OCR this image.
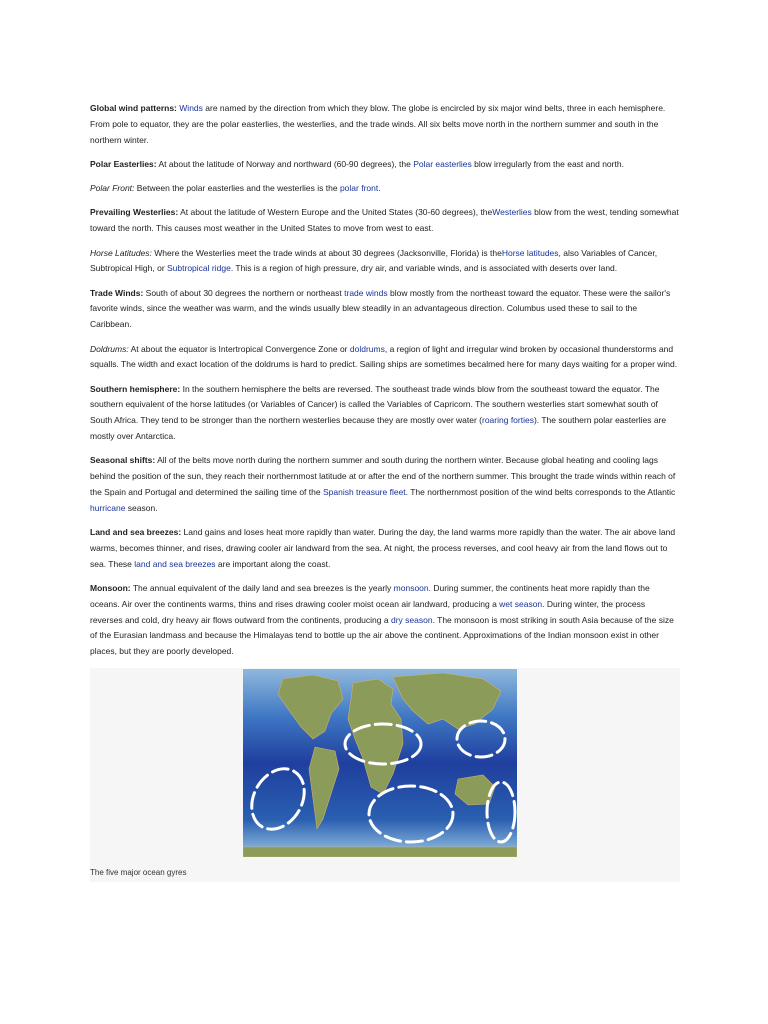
Global wind patterns: Winds are named by the direction from which they blow. The globe is encircled by six major wind belts, three in each hemisphere. From pole to equator, they are the polar easterlies, the westerlies, and the trade winds. All six belts move north in the northern summer and south in the northern winter.

Polar Easterlies: At about the latitude of Norway and northward (60-90 degrees), the Polar easterlies blow irregularly from the east and north.

Polar Front: Between the polar easterlies and the westerlies is the polar front.

Prevailing Westerlies: At about the latitude of Western Europe and the United States (30-60 degrees), theWesterlies blow from the west, tending somewhat toward the north. This causes most weather in the United States to move from west to east.

Horse Latitudes: Where the Westerlies meet the trade winds at about 30 degrees (Jacksonville, Florida) is theHorse latitudes, also Variables of Cancer, Subtropical High, or Subtropical ridge. This is a region of high pressure, dry air, and variable winds, and is associated with deserts over land.

Trade Winds: South of about 30 degrees the northern or northeast trade winds blow mostly from the northeast toward the equator. These were the sailor's favorite winds, since the weather was warm, and the winds usually blew steadily in an advantageous direction. Columbus used these to sail to the Caribbean.

Doldrums: At about the equator is Intertropical Convergence Zone or doldrums, a region of light and irregular wind broken by occasional thunderstorms and squalls. The width and exact location of the doldrums is hard to predict. Sailing ships are sometimes becalmed here for many days waiting for a proper wind.

Southern hemisphere: In the southern hemisphere the belts are reversed. The southeast trade winds blow from the southeast toward the equator. The southern equivalent of the horse latitudes (or Variables of Cancer) is called the Variables of Capricorn. The southern westerlies start somewhat south of South Africa. They tend to be stronger than the northern westerlies because they are mostly over water (roaring forties). The southern polar easterlies are mostly over Antarctica.

Seasonal shifts: All of the belts move north during the northern summer and south during the northern winter. Because global heating and cooling lags behind the position of the sun, they reach their northernmost latitude at or after the end of the northern summer. This brought the trade winds within reach of the Spain and Portugal and determined the sailing time of the Spanish treasure fleet. The northernmost position of the wind belts corresponds to the Atlantic hurricane season.

Land and sea breezes: Land gains and loses heat more rapidly than water. During the day, the land warms more rapidly than the water. The air above land warms, becomes thinner, and rises, drawing cooler air landward from the sea. At night, the process reverses, and cool heavy air from the land flows out to sea. These land and sea breezes are important along the coast.

Monsoon: The annual equivalent of the daily land and sea breezes is the yearly monsoon. During summer, the continents heat more rapidly than the oceans. Air over the continents warms, thins and rises drawing cooler moist ocean air landward, producing a wet season. During winter, the process reverses and cold, dry heavy air flows outward from the continents, producing a dry season. The monsoon is most striking in south Asia because of the size of the Eurasian landmass and because the Himalayas tend to bottle up the air above the continent. Approximations of the Indian monsoon exist in other places, but they are poorly developed.

The five major ocean gyres
